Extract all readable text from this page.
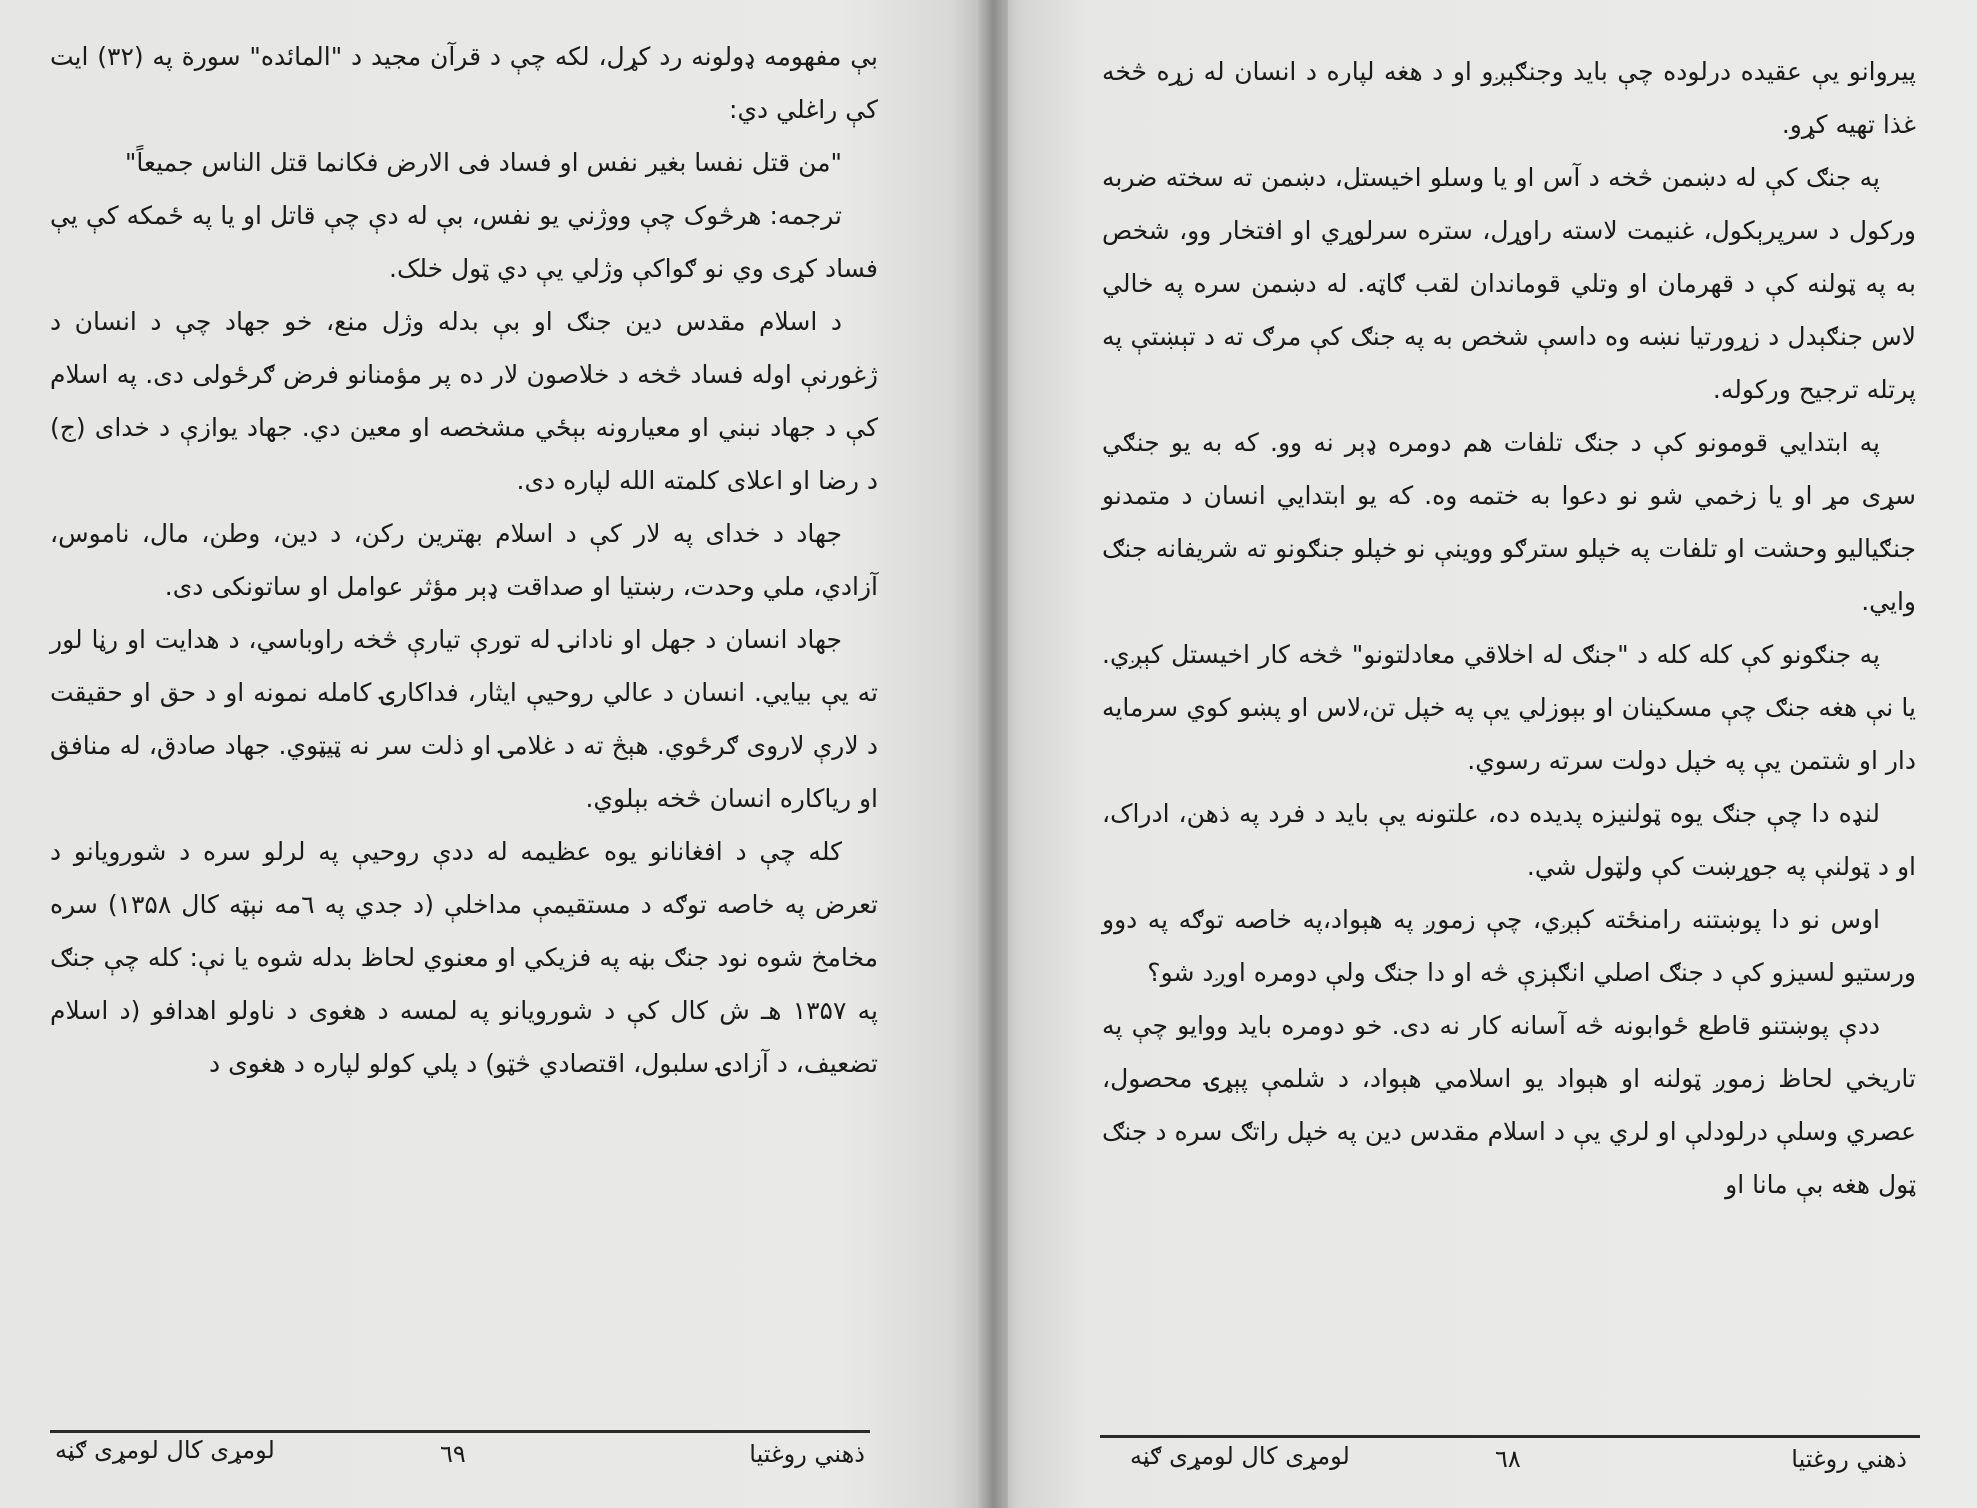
بې مفهومه ډولونه رد کړل، لکه چې د قرآن مجید د "المائده" سورة په (۳۲) ایت کې راغلي دي:

"من قتل نفسا بغیر نفس او فساد فی الارض فکانما قتل الناس جمیعاً"

ترجمه: هرڅوک چې ووژني یو نفس، بې له دې چې قاتل او یا په ځمکه کې يې فساد کړی وي نو ګواکې وژلي يې دي ټول خلک.

د اسلام مقدس دین جنګ او بې بدله وژل منع، خو جهاد چې د انسان د ژغورنې اوله فساد څخه د خلاصون لار ده پر مؤمنانو فرض ګرځولی دی. په اسلام کې د جهاد نبني او معیارونه بېځي مشخصه او معین دي. جهاد یوازې د خدای (ج) د رضا او اعلای کلمته الله لپاره دی.

جهاد د خدای په لار کې د اسلام بهترین رکن، د دین، وطن، مال، ناموس، آزادي، ملي وحدت، رښتیا او صداقت ډېر مؤثر عوامل او ساتونکی دی.

جهاد انسان د جهل او نادانۍ له تورې تیارې څخه راوباسي، د هدایت او رڼا لور ته يې بیايي. انسان د عالي روحيې ایثار، فداکارۍ کامله نمونه او د حق او حقیقت د لارې لاروی ګرځوي. هېڅ ته د غلامۍ او ذلت سر نه ټیټوي. جهاد صادق، له منافق او ریاکاره انسان څخه بېلوي.

کله چې د افغانانو یوه عظیمه له ددې روحیې په لرلو سره د شورویانو د تعرض په خاصه توګه د مستقیمې مداخلې (د جدي په ٦مه نېټه کال ۱۳۵۸) سره مخامخ شوه نود جنګ بڼه په فزیکي او معنوي لحاظ بدله شوه یا نې: کله چې جنګ په ۱۳۵۷ هـ ش کال کې د شورویانو په لمسه د هغوی د ناولو اهدافو (د اسلام تضعیف، د آزادۍ سلبول، اقتصادي څټو) د پلي کولو لپاره د هغوی د

ذهني روغتیا
٦٩
لومړی کال لومړی ګڼه

پیروانو يې عقیده درلوده چې باید وجنګېږو او د هغه لپاره د انسان له زړه څخه غذا تهیه کړو.

په جنګ کې له دښمن څخه د آس او یا وسلو اخیستل، دښمن ته سخته ضربه ورکول د سرپرېکول، غنیمت لاسته راوړل، ستره سرلوړي او افتخار وو، شخص به په ټولنه کې د قهرمان او وتلي قوماندان لقب ګاټه. له دښمن سره په خالي لاس جنګېدل د زړورتیا نښه وه داسې شخص به په جنګ کې مرګ ته د تېښتې په پرتله ترجیح ورکوله.

په ابتدايي قومونو کې د جنګ تلفات هم دومره ډېر نه وو. که به یو جنګي سړی مړ او یا زخمي شو نو دعوا به ختمه وه. که یو ابتدايي انسان د متمدنو جنګیالیو وحشت او تلفات په خپلو سترګو ووینې نو خپلو جنګونو ته شریفانه جنګ وايي.

په جنګونو کې کله کله د "جنګ له اخلاقي معادلتونو" څخه کار اخیستل کېږي. یا نې هغه جنګ چې مسکینان او بېوزلي يې په خپل تن،لاس او پښو کوي سرمایه دار او شتمن يې په خپل دولت سرته رسوي.

لنډه دا چې جنګ یوه ټولنیزه پدیده ده، علتونه يې باید د فرد په ذهن، ادراک، او د ټولنې په جوړښت کې ولټول شي.

اوس نو دا پوښتنه رامنځته کېږي، چې زموږ په هېواد،په خاصه توګه په دوو ورستیو لسیزو کې د جنګ اصلي انګېزې څه او دا جنګ ولې دومره اوږد شو؟

ددې پوښتنو قاطع ځوابونه څه آسانه کار نه دی. خو دومره باید ووایو چې په تاریخي لحاظ زموږ ټولنه او هېواد یو اسلامي هېواد، د شلمې پېړۍ محصول، عصري وسلې درلودلې او لري يې د اسلام مقدس دین په خپل راتګ سره د جنګ ټول هغه بې مانا او

ذهني روغتیا
٦٨
لومړی کال لومړی ګڼه
